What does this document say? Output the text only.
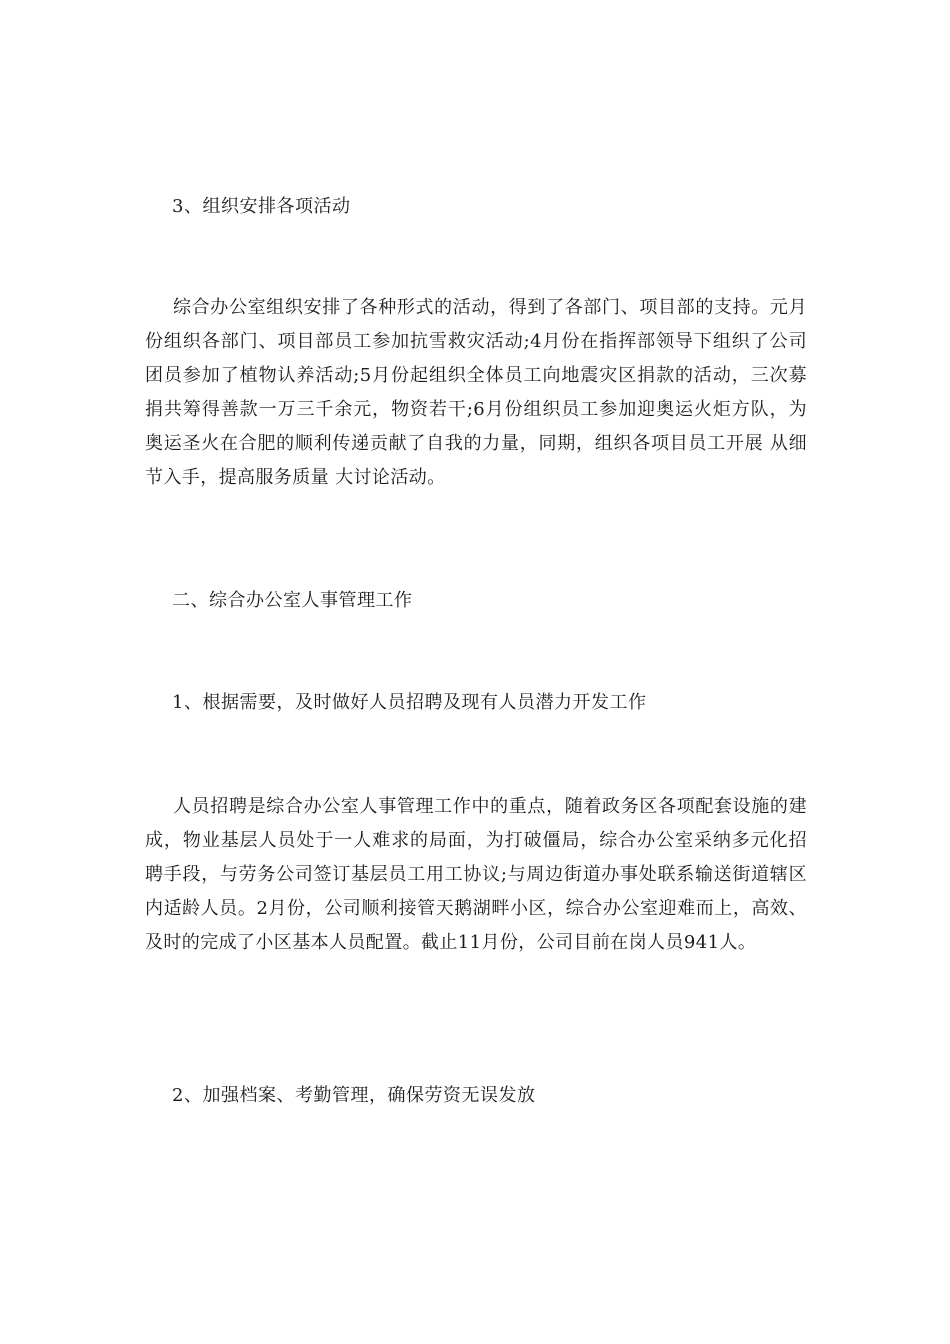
3、组织安排各项活动

综合办公室组织安排了各种形式的活动，得到了各部门、项目部的支持。元月份组织各部门、项目部员工参加抗雪救灾活动;4月份在指挥部领导下组织了公司团员参加了植物认养活动;5月份起组织全体员工向地震灾区捐款的活动，三次募捐共筹得善款一万三千余元，物资若干;6月份组织员工参加迎奥运火炬方队，为奥运圣火在合肥的顺利传递贡献了自我的力量，同期，组织各项目员工开展 从细节入手，提高服务质量 大讨论活动。

二、综合办公室人事管理工作
1、根据需要，及时做好人员招聘及现有人员潜力开发工作

人员招聘是综合办公室人事管理工作中的重点，随着政务区各项配套设施的建成，物业基层人员处于一人难求的局面，为打破僵局，综合办公室采纳多元化招聘手段，与劳务公司签订基层员工用工协议;与周边街道办事处联系输送街道辖区内适龄人员。2月份，公司顺利接管天鹅湖畔小区，综合办公室迎难而上，高效、及时的完成了小区基本人员配置。截止11月份，公司目前在岗人员941人。

2、加强档案、考勤管理，确保劳资无误发放
